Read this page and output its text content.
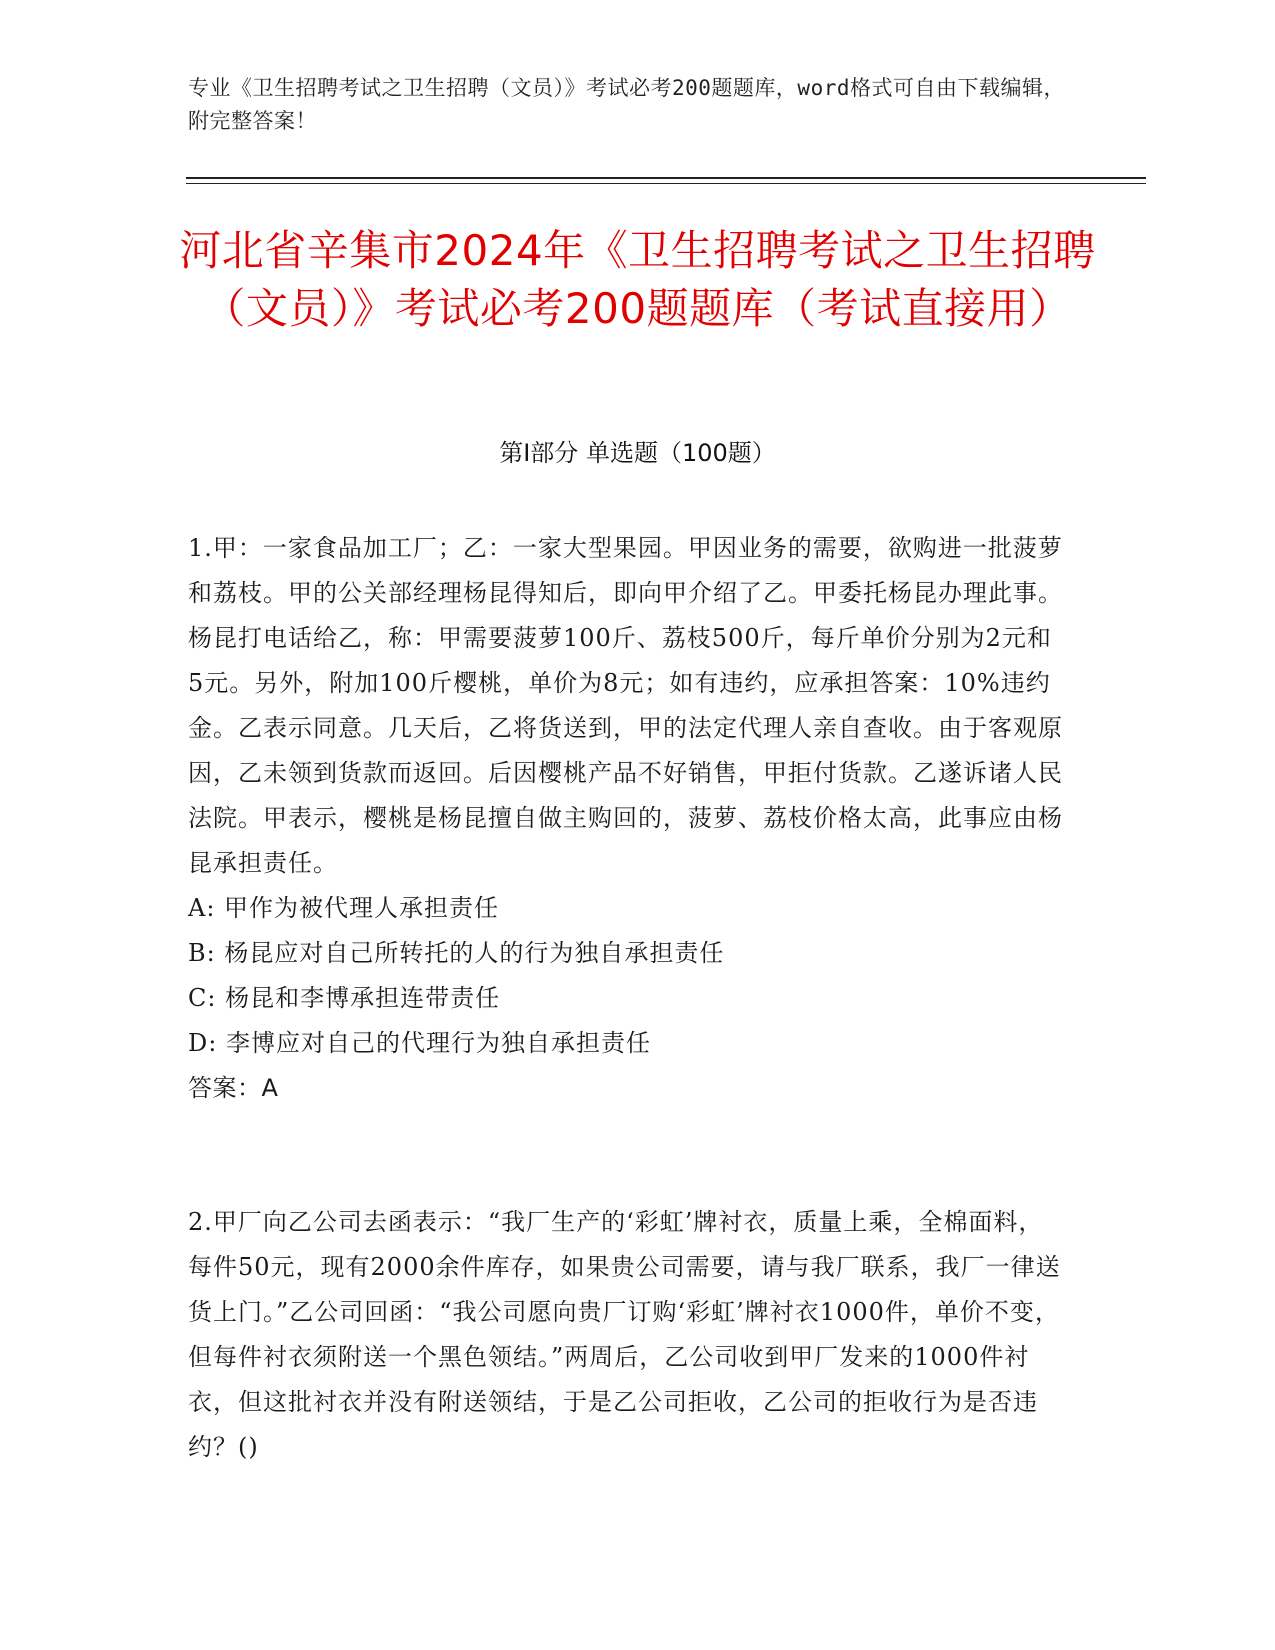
专业《卫生招聘考试之卫生招聘（文员）》考试必考200题题库，word格式可自由下载编辑，附完整答案！
河北省辛集市2024年《卫生招聘考试之卫生招聘（文员）》考试必考200题题库（考试直接用）
第Ⅰ部分 单选题（100题）

1.甲：一家食品加工厂；乙：一家大型果园。甲因业务的需要，欲购进一批菠萝和荔枝。甲的公关部经理杨昆得知后，即向甲介绍了乙。甲委托杨昆办理此事。杨昆打电话给乙，称：甲需要菠萝100斤、荔枝500斤，每斤单价分别为2元和5元。另外，附加100斤樱桃，单价为8元；如有违约，应承担答案：10%违约金。乙表示同意。几天后，乙将货送到，甲的法定代理人亲自查收。由于客观原因，乙未领到货款而返回。后因樱桃产品不好销售，甲拒付货款。乙遂诉诸人民法院。甲表示，樱桃是杨昆擅自做主购回的，菠萝、荔枝价格太高，此事应由杨昆承担责任。

A: 甲作为被代理人承担责任

B: 杨昆应对自己所转托的人的行为独自承担责任

C: 杨昆和李博承担连带责任

D: 李博应对自己的代理行为独自承担责任

答案：A

2.甲厂向乙公司去函表示：“我厂生产的‘彩虹’牌衬衣，质量上乘，全棉面料，每件50元，现有2000余件库存，如果贵公司需要，请与我厂联系，我厂一律送货上门。”乙公司回函：“我公司愿向贵厂订购‘彩虹’牌衬衣1000件，单价不变，但每件衬衣须附送一个黑色领结。”两周后，乙公司收到甲厂发来的1000件衬衣，但这批衬衣并没有附送领结，于是乙公司拒收，乙公司的拒收行为是否违约？()
